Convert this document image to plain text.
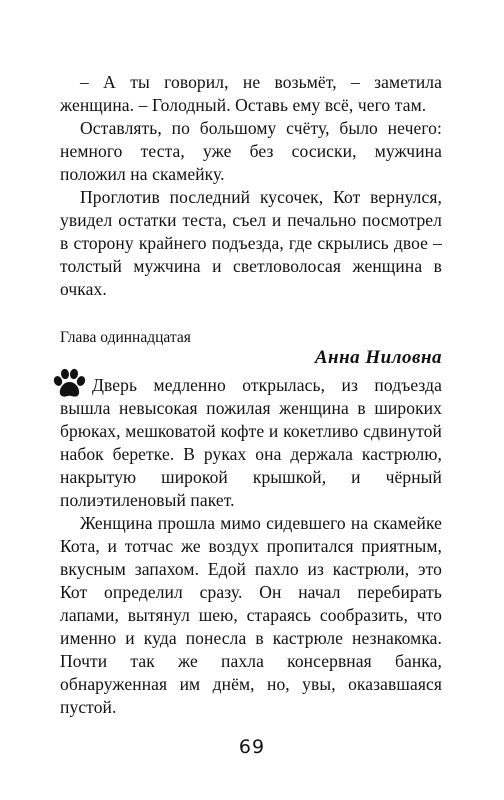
– А ты говорил, не возьмёт, – заметила женщина. – Голодный. Оставь ему всё, чего там.

Оставлять, по большому счёту, было нечего: немного теста, уже без сосиски, мужчина положил на скамейку.

Проглотив последний кусочек, Кот вернулся, увидел остатки теста, съел и печально посмотрел в сторону крайнего подъезда, где скрылись двое – толстый мужчина и светловолосая женщина в очках.

Глава одиннадцатая

Анна Ниловна

Дверь медленно открылась, из подъезда вышла невысокая пожилая женщина в широких брюках, мешковатой кофте и кокетливо сдвинутой набок беретке. В руках она держала кастрюлю, накрытую широкой крышкой, и чёрный полиэтиленовый пакет.

Женщина прошла мимо сидевшего на скамейке Кота, и тотчас же воздух пропитался приятным, вкусным запахом. Едой пахло из кастрюли, это Кот определил сразу. Он начал перебирать лапами, вытянул шею, стараясь сообразить, что именно и куда понесла в кастрюле незнакомка. Почти так же пахла консервная банка, обнаруженная им днём, но, увы, оказавшаяся пустой.

69
